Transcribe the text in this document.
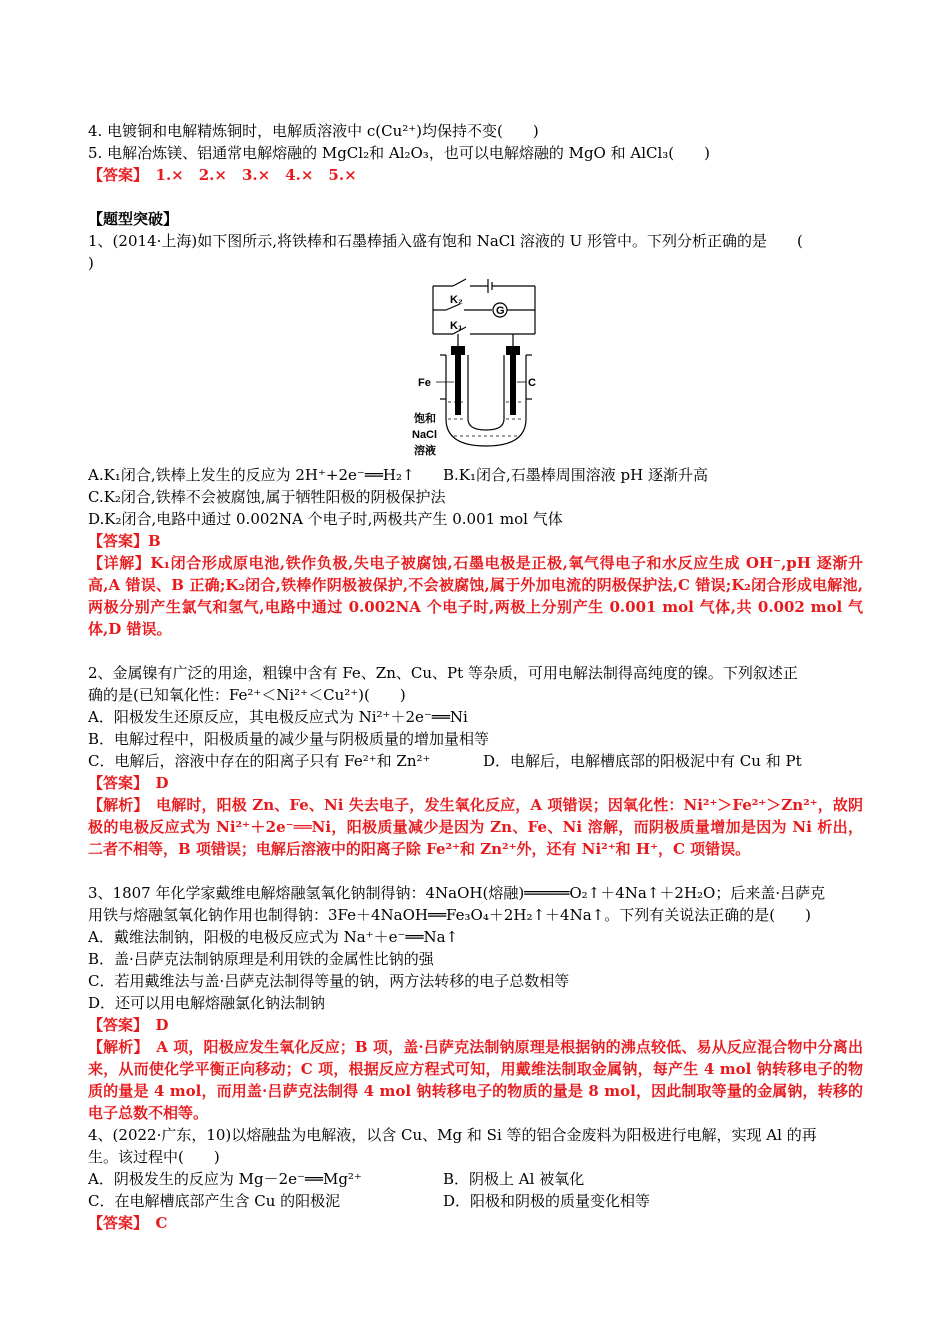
4. 电镀铜和电解精炼铜时，电解质溶液中 c(Cu²⁺)均保持不变(　　)
5. 电解冶炼镁、铝通常电解熔融的 MgCl₂和 Al₂O₃，也可以电解熔融的 MgO 和 AlCl₃(　　)
【答案】　1.×　2.×　3.×　4.×　5.×
【题型突破】
1、(2014·上海)如下图所示,将铁棒和石墨棒插入盛有饱和 NaCl 溶液的 U 形管中。下列分析正确的是　　(
)
K₂
K₁
G
Fe	C
饱和
NaCl
溶液
A.K₁闭合,铁棒上发生的反应为 2H⁺+2e⁻══H₂↑	B.K₁闭合,石墨棒周围溶液 pH 逐渐升高
C.K₂闭合,铁棒不会被腐蚀,属于牺牲阳极的阴极保护法
D.K₂闭合,电路中通过 0.002NA 个电子时,两极共产生 0.001 mol 气体
【答案】B
【详解】K₁闭合形成原电池,铁作负极,失电子被腐蚀,石墨电极是正极,氧气得电子和水反应生成 OH⁻,pH 逐渐升高,A 错误、B 正确;K₂闭合,铁棒作阴极被保护,不会被腐蚀,属于外加电流的阴极保护法,C 错误;K₂闭合形成电解池,两极分别产生氯气和氢气,电路中通过 0.002NA 个电子时,两极上分别产生 0.001 mol 气体,共 0.002 mol 气体,D 错误。
2、金属镍有广泛的用途，粗镍中含有 Fe、Zn、Cu、Pt 等杂质，可用电解法制得高纯度的镍。下列叙述正
确的是(已知氧化性：Fe²⁺＜Ni²⁺＜Cu²⁺)(　　)
A．阳极发生还原反应，其电极反应式为 Ni²⁺＋2e⁻══Ni
B．电解过程中，阳极质量的减少量与阴极质量的增加量相等
C．电解后，溶液中存在的阳离子只有 Fe²⁺和 Zn²⁺	D．电解后，电解槽底部的阳极泥中有 Cu 和 Pt
【答案】　D
【解析】　电解时，阳极 Zn、Fe、Ni 失去电子，发生氧化反应，A 项错误；因氧化性：Ni²⁺＞Fe²⁺＞Zn²⁺，故阴极的电极反应式为 Ni²⁺＋2e⁻══Ni，阳极质量减少是因为 Zn、Fe、Ni 溶解，而阴极质量增加是因为 Ni 析出，二者不相等，B 项错误；电解后溶液中的阳离子除 Fe²⁺和 Zn²⁺外，还有 Ni²⁺和 H⁺，C 项错误。
3、1807 年化学家戴维电解熔融氢氧化钠制得钠：4NaOH(熔融)═════O₂↑＋4Na↑＋2H₂O；后来盖·吕萨克
用铁与熔融氢氧化钠作用也制得钠：3Fe＋4NaOH══Fe₃O₄＋2H₂↑＋4Na↑。下列有关说法正确的是(　　)
A．戴维法制钠，阳极的电极反应式为 Na⁺＋e⁻══Na↑
B．盖·吕萨克法制钠原理是利用铁的金属性比钠的强
C．若用戴维法与盖·吕萨克法制得等量的钠，两方法转移的电子总数相等
D．还可以用电解熔融氯化钠法制钠
【答案】　D
【解析】　A 项，阳极应发生氧化反应；B 项，盖·吕萨克法制钠原理是根据钠的沸点较低、易从反应混合物中分离出来，从而使化学平衡正向移动；C 项，根据反应方程式可知，用戴维法制取金属钠，每产生 4 mol 钠转移电子的物质的量是 4 mol，而用盖·吕萨克法制得 4 mol 钠转移电子的物质的量是 8 mol，因此制取等量的金属钠，转移的电子总数不相等。
4、(2022·广东，10)以熔融盐为电解液，以含 Cu、Mg 和 Si 等的铝合金废料为阳极进行电解，实现 Al 的再
生。该过程中(　　)
A．阴极发生的反应为 Mg－2e⁻══Mg²⁺	B．阴极上 Al 被氧化
C．在电解槽底部产生含 Cu 的阳极泥	D．阳极和阴极的质量变化相等
【答案】　C
